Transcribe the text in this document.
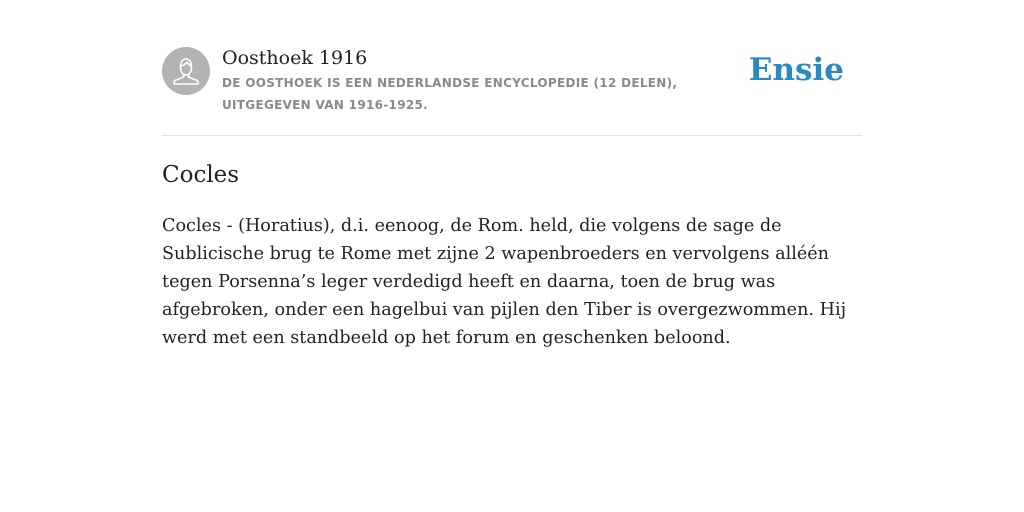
Oosthoek 1916
DE OOSTHOEK IS EEN NEDERLANDSE ENCYCLOPEDIE (12 DELEN), UITGEGEVEN VAN 1916-1925.
Ensie
Cocles

Cocles - (Horatius), d.i. eenoog, de Rom. held, die volgens de sage de Sublicische brug te Rome met zijne 2 wapenbroeders en vervolgens alléén tegen Porsenna’s leger verdedigd heeft en daarna, toen de brug was afgebroken, onder een hagelbui van pijlen den Tiber is overgezwommen. Hij werd met een standbeeld op het forum en geschenken beloond.
